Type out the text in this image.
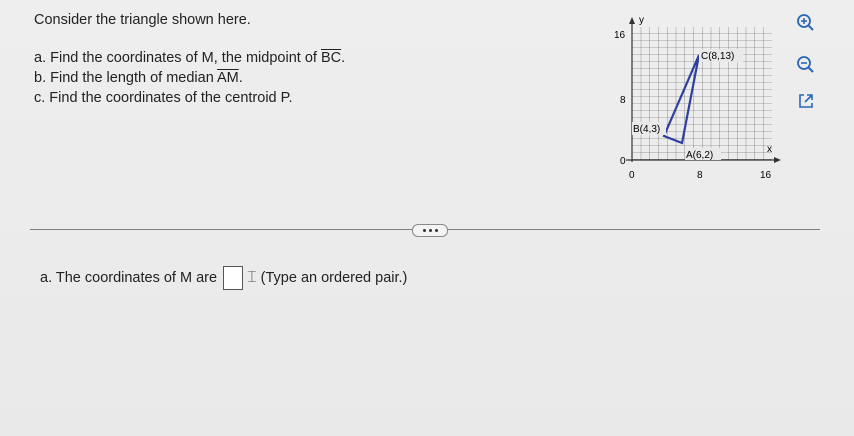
Consider the triangle shown here.
a. Find the coordinates of M, the midpoint of $\overline{BC}$.
b. Find the length of median $\overline{AM}$.
c. Find the coordinates of the centroid P.
y
x
16
8
0
0	8	16
C(8,13)
B(4,3)
A(6,2)
a. The coordinates of M are ⌶ (Type an ordered pair.)
